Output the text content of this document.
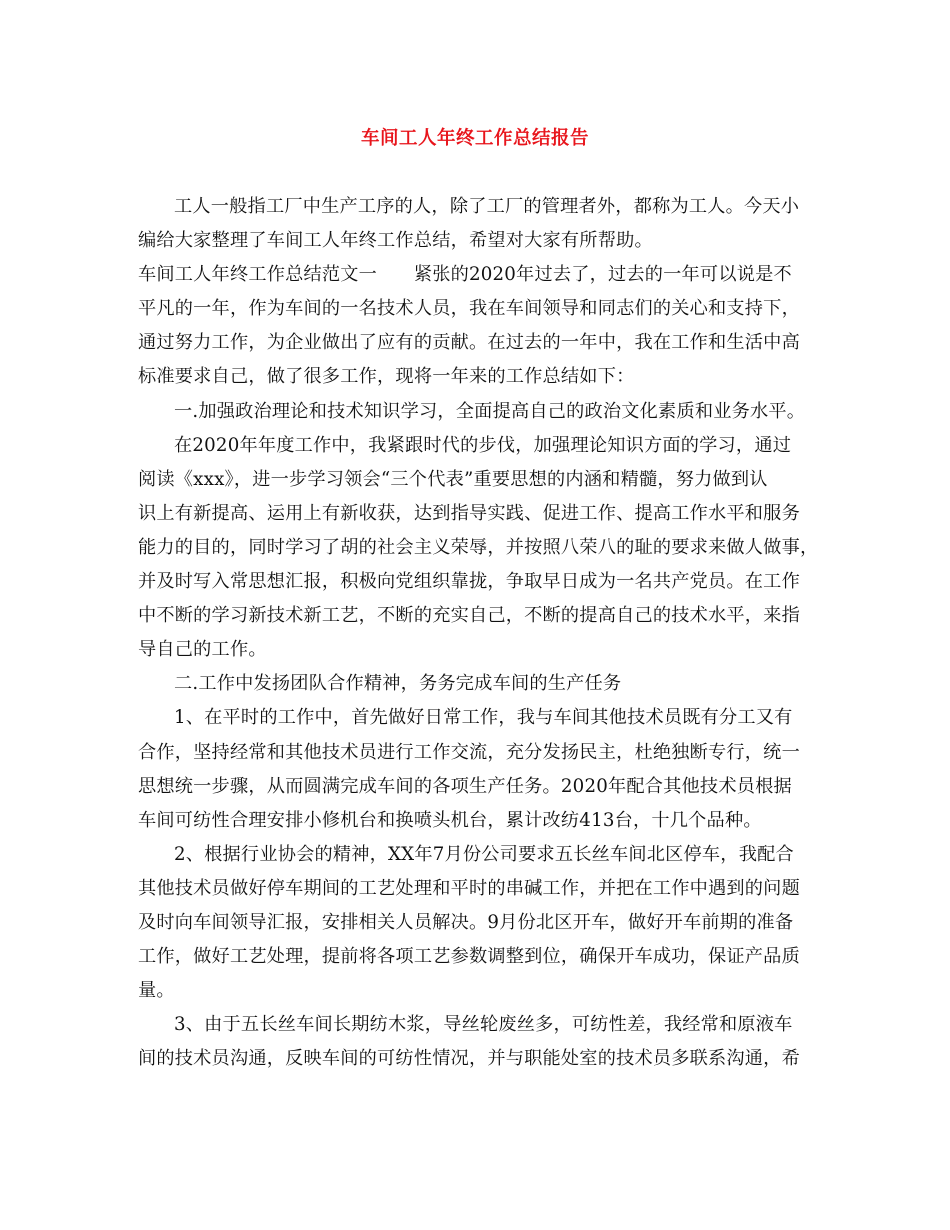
车间工人年终工作总结报告
工人一般指工厂中生产工序的人，除了工厂的管理者外，都称为工人。今天小
编给大家整理了车间工人年终工作总结，希望对大家有所帮助。
车间工人年终工作总结范文一　　紧张的2020年过去了，过去的一年可以说是不
平凡的一年，作为车间的一名技术人员，我在车间领导和同志们的关心和支持下，
通过努力工作，为企业做出了应有的贡献。在过去的一年中，我在工作和生活中高
标准要求自己，做了很多工作，现将一年来的工作总结如下：
一.加强政治理论和技术知识学习，全面提高自己的政治文化素质和业务水平。
在2020年年度工作中，我紧跟时代的步伐，加强理论知识方面的学习，通过
阅读《xxx》，进一步学习领会“三个代表”重要思想的内涵和精髓，努力做到认
识上有新提高、运用上有新收获，达到指导实践、促进工作、提高工作水平和服务
能力的目的，同时学习了胡的社会主义荣辱，并按照八荣八的耻的要求来做人做事，
并及时写入常思想汇报，积极向党组织靠拢，争取早日成为一名共产党员。在工作
中不断的学习新技术新工艺，不断的充实自己，不断的提高自己的技术水平，来指
导自己的工作。
二.工作中发扬团队合作精神，务务完成车间的生产任务
1、在平时的工作中，首先做好日常工作，我与车间其他技术员既有分工又有
合作，坚持经常和其他技术员进行工作交流，充分发扬民主，杜绝独断专行，统一
思想统一步骤，从而圆满完成车间的各项生产任务。2020年配合其他技术员根据
车间可纺性合理安排小修机台和换喷头机台，累计改纺413台，十几个品种。
2、根据行业协会的精神，XX年7月份公司要求五长丝车间北区停车，我配合
其他技术员做好停车期间的工艺处理和平时的串碱工作，并把在工作中遇到的问题
及时向车间领导汇报，安排相关人员解决。9月份北区开车，做好开车前期的准备
工作，做好工艺处理，提前将各项工艺参数调整到位，确保开车成功，保证产品质
量。
3、由于五长丝车间长期纺木浆，导丝轮废丝多，可纺性差，我经常和原液车
间的技术员沟通，反映车间的可纺性情况，并与职能处室的技术员多联系沟通，希
